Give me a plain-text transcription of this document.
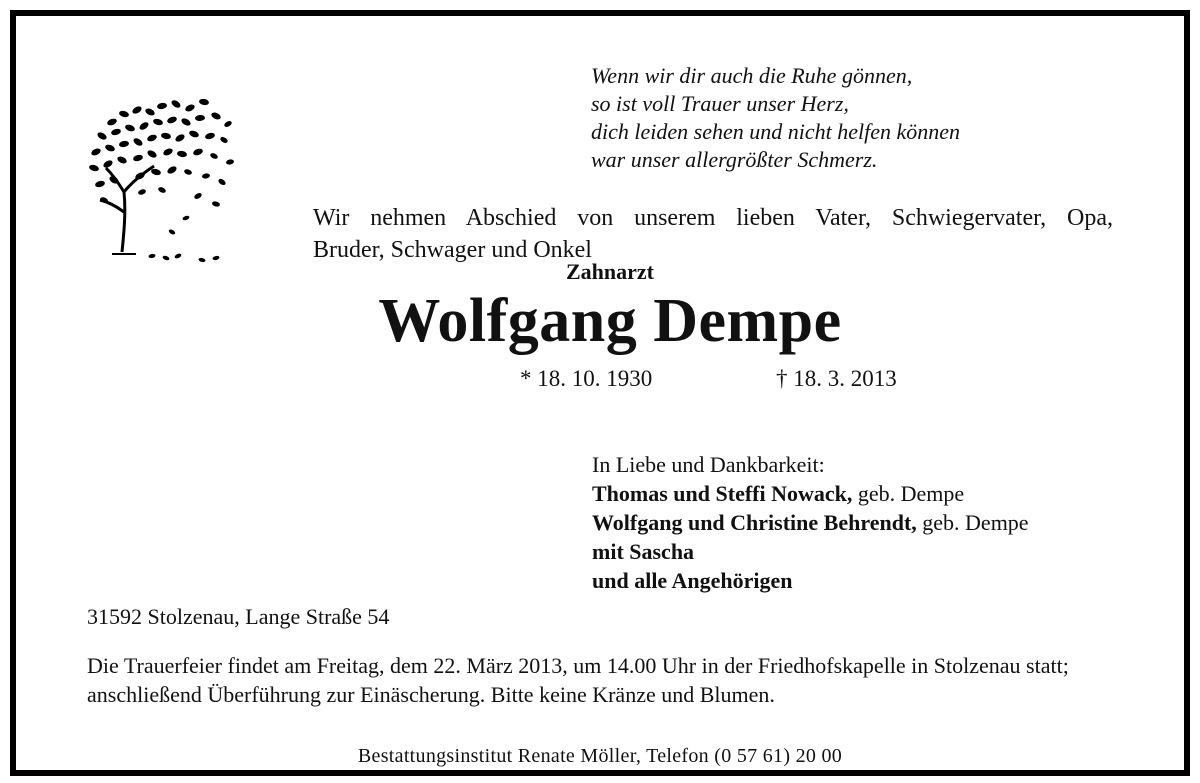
Wenn wir dir auch die Ruhe gönnen,
so ist voll Trauer unser Herz,
dich leiden sehen und nicht helfen können
war unser allergrößter Schmerz.
Wir nehmen Abschied von unserem lieben Vater, Schwiegervater, Opa,
Bruder, Schwager und Onkel
Zahnarzt
Wolfgang Dempe
* 18. 10. 1930	† 18. 3. 2013
In Liebe und Dankbarkeit:
Thomas und Steffi Nowack, geb. Dempe
Wolfgang und Christine Behrendt, geb. Dempe
mit Sascha
und alle Angehörigen
31592 Stolzenau, Lange Straße 54
Die Trauerfeier findet am Freitag, dem 22. März 2013, um 14.00 Uhr in der Friedhofskapelle in Stolzenau statt; anschließend Überführung zur Einäscherung. Bitte keine Kränze und Blumen.
Bestattungsinstitut Renate Möller, Telefon (0 57 61) 20 00
